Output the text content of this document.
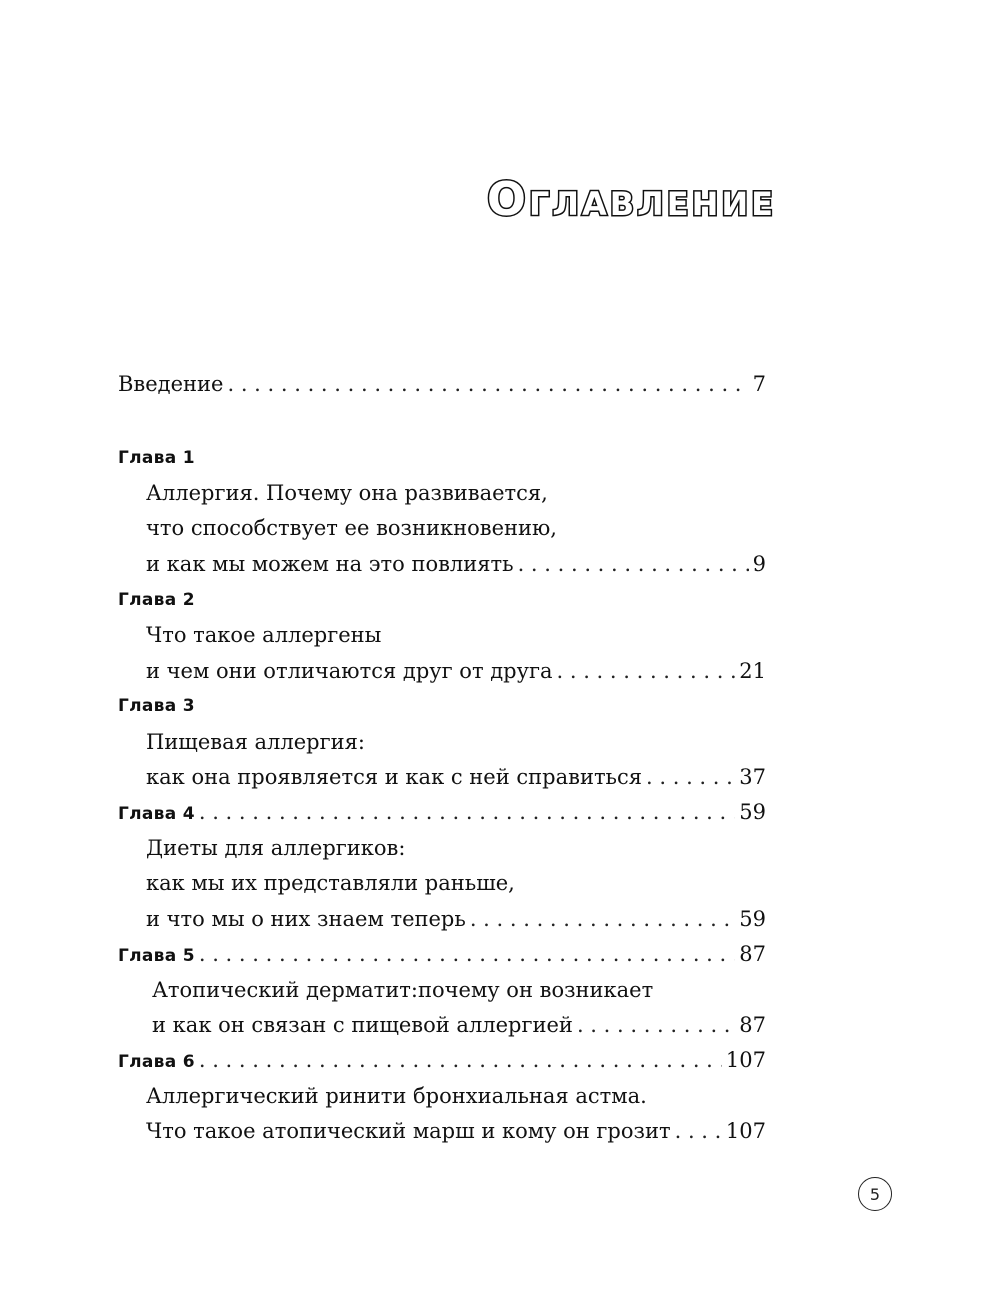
Оглавление
Введение . . .	7
Глава 1
Аллергия. Почему она развивается,
что способствует ее возникновению,
и как мы можем на это повлиять . . .	9
Глава 2
Что такое аллергены
и чем они отличаются друг от друга . . .	21
Глава 3
Пищевая аллергия:
как она проявляется и как с ней справиться . . .	37
Глава 4 . . .	59
Диеты для аллергиков:
как мы их представляли раньше,
и что мы о них знаем теперь . . .	59
Глава 5 . . .	87
Атопический дерматит:почему он возникает
и как он связан с пищевой аллергией . . .	87
Глава 6 . . .	107
Аллергический ринити бронхиальная астма.
Что такое атопический марш и кому он грозит . . .	107
5
